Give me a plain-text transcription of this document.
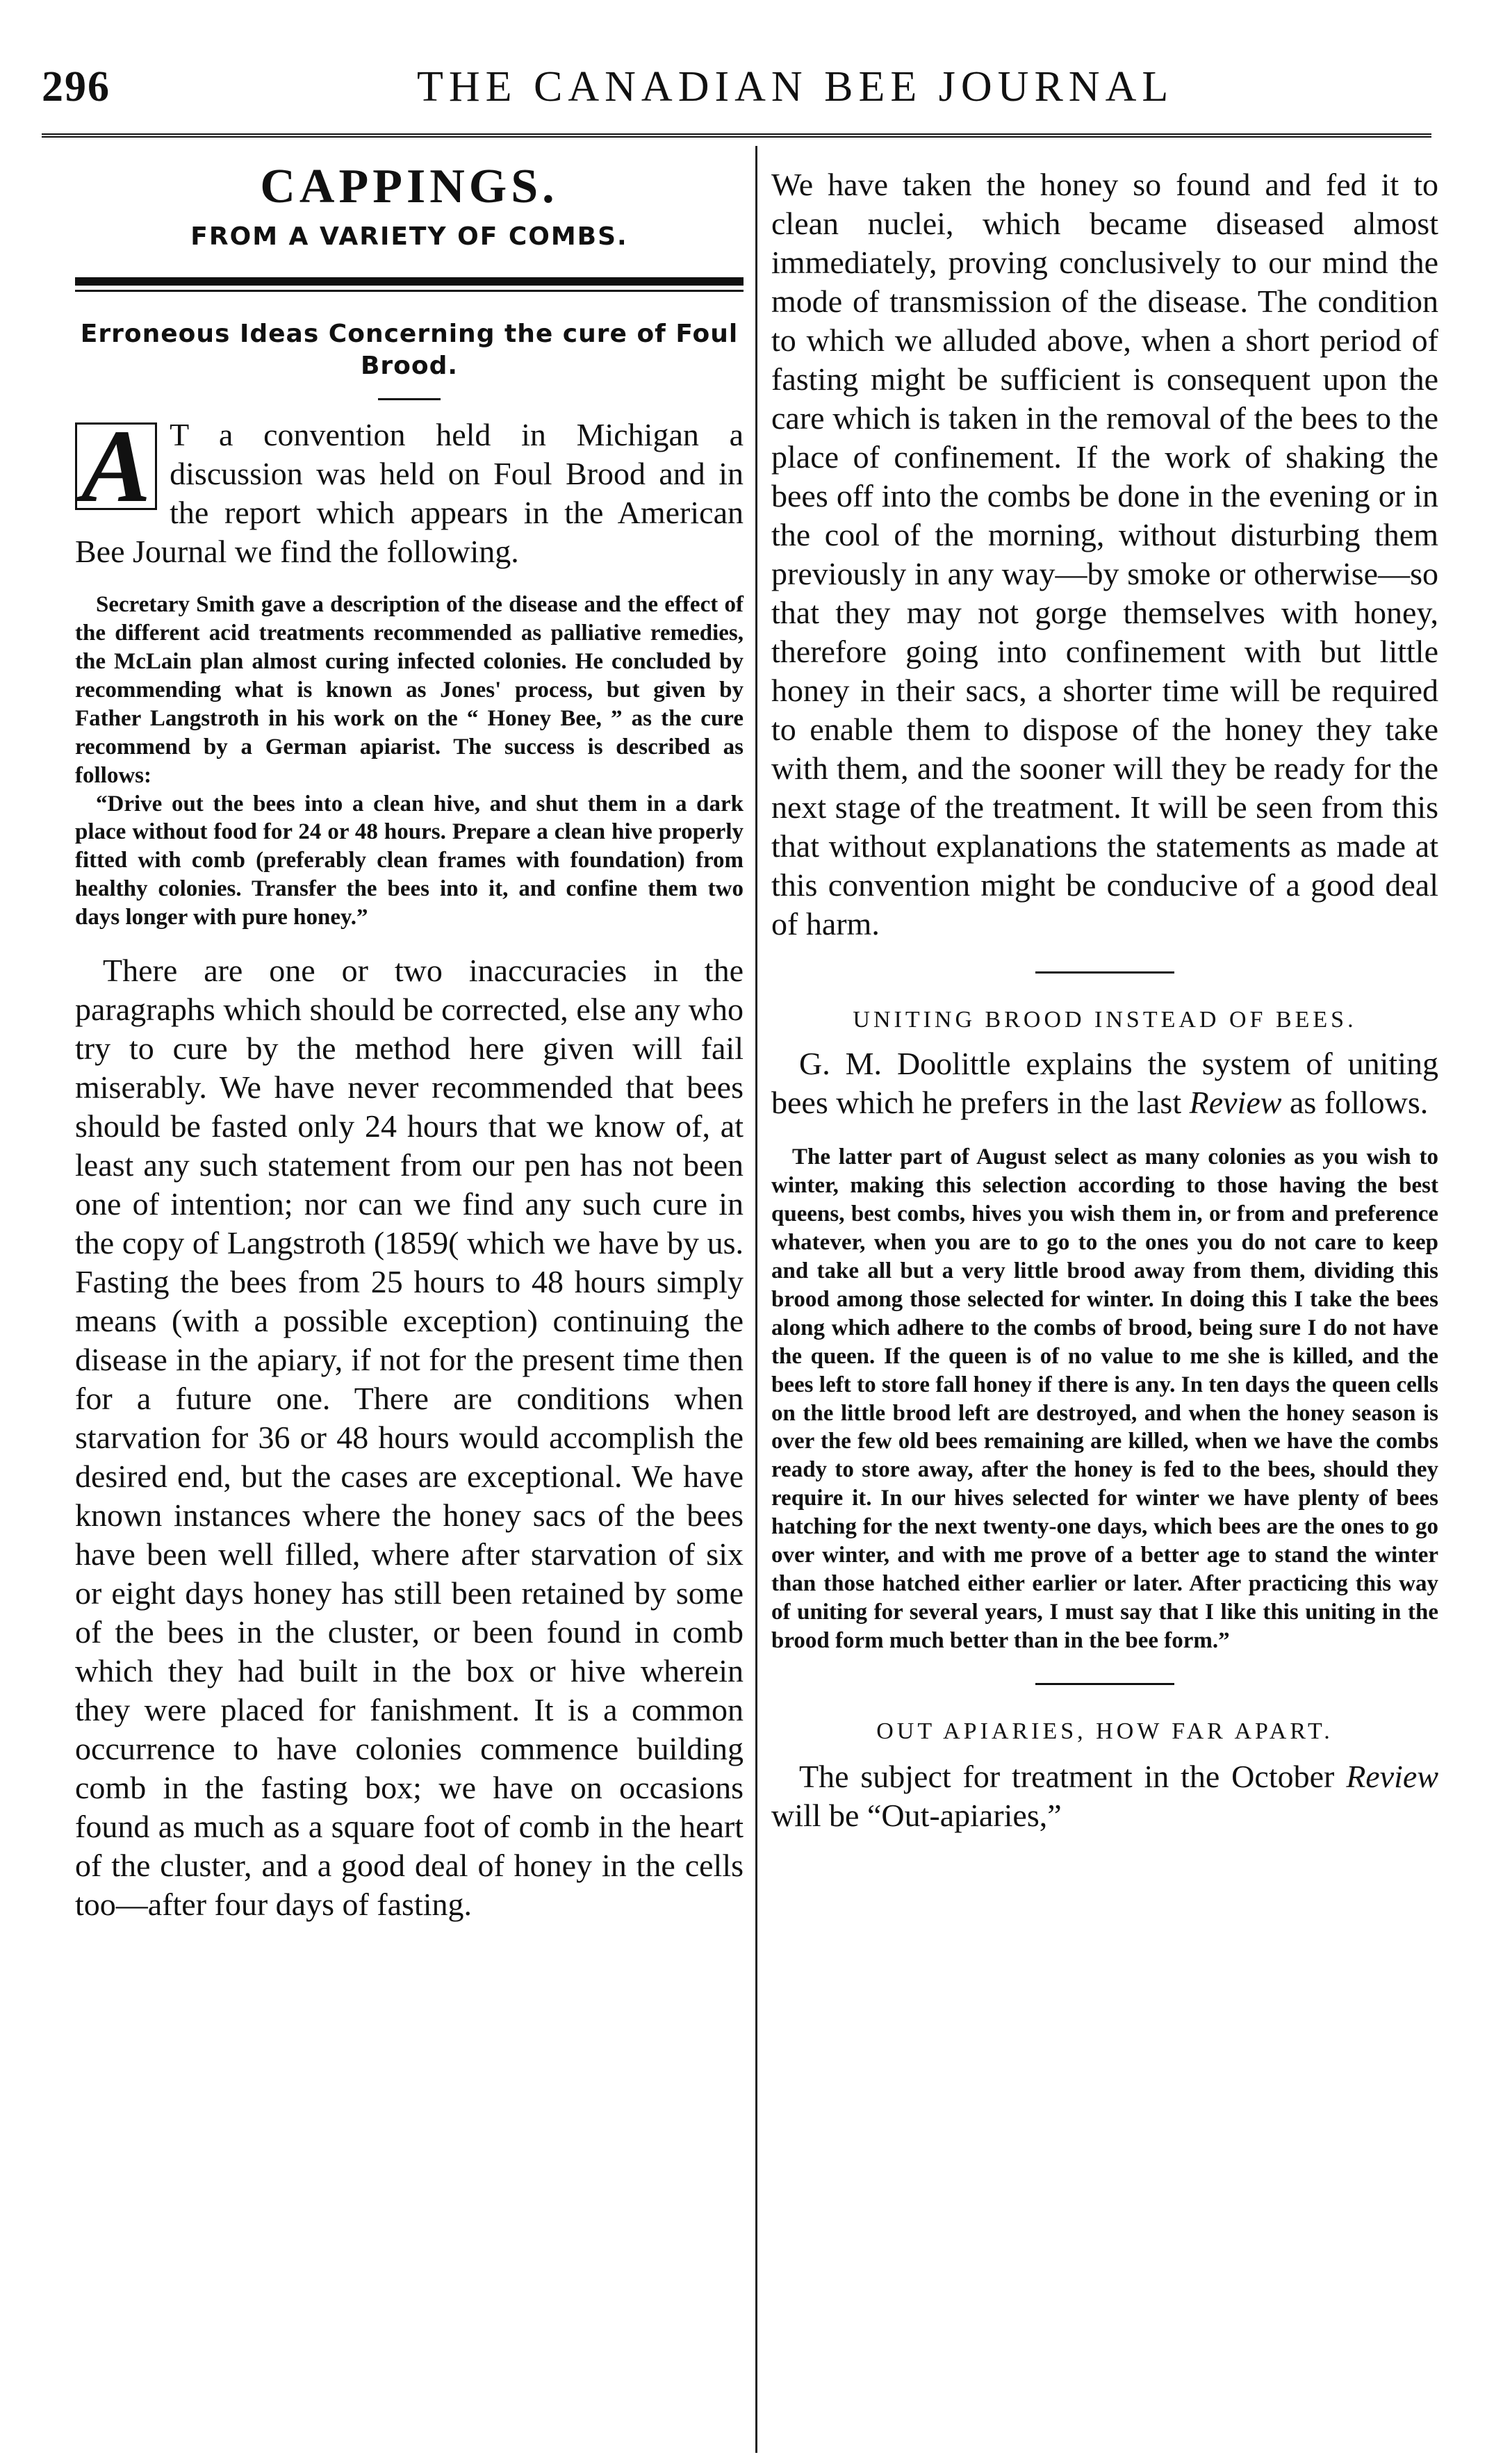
296	THE CANADIAN BEE JOURNAL
CAPPINGS.
FROM A VARIETY OF COMBS.
Erroneous Ideas Concerning the cure of Foul Brood.

A T a convention held in Michigan a discussion was held on Foul Brood and in the report which appears in the American Bee Journal we find the following.

Secretary Smith gave a description of the disease and the effect of the different acid treatments recommended as palliative remedies, the McLain plan almost curing infected colonies. He concluded by recommending what is known as Jones' process, but given by Father Langstroth in his work on the “ Honey Bee, ” as the cure recommend by a German apiarist. The success is described as follows:

“Drive out the bees into a clean hive, and shut them in a dark place without food for 24 or 48 hours. Prepare a clean hive properly fitted with comb (preferably clean frames with foundation) from healthy colonies. Transfer the bees into it, and confine them two days longer with pure honey.”

There are one or two inaccuracies in the paragraphs which should be corrected, else any who try to cure by the method here given will fail miserably. We have never recommended that bees should be fasted only 24 hours that we know of, at least any such statement from our pen has not been one of intention; nor can we find any such cure in the copy of Langstroth (1859( which we have by us. Fasting the bees from 25 hours to 48 hours simply means (with a possible exception) continuing the disease in the apiary, if not for the present time then for a future one. There are conditions when starvation for 36 or 48 hours would accomplish the desired end, but the cases are exceptional. We have known instances where the honey sacs of the bees have been well filled, where after starvation of six or eight days honey has still been retained by some of the bees in the cluster, or been found in comb which they had built in the box or hive wherein they were placed for fanishment. It is a common occurrence to have colonies commence building comb in the fasting box; we have on occasions found as much as a square foot of comb in the heart of the cluster, and a good deal of honey in the cells too—after four days of fasting.

We have taken the honey so found and fed it to clean nuclei, which became diseased almost immediately, proving conclusively to our mind the mode of transmission of the disease. The condition to which we alluded above, when a short period of fasting might be sufficient is consequent upon the care which is taken in the removal of the bees to the place of confinement. If the work of shaking the bees off into the combs be done in the evening or in the cool of the morning, without disturbing them previously in any way—by smoke or otherwise—so that they may not gorge themselves with honey, therefore going into confinement with but little honey in their sacs, a shorter time will be required to enable them to dispose of the honey they take with them, and the sooner will they be ready for the next stage of the treatment. It will be seen from this that without explanations the statements as made at this convention might be conducive of a good deal of harm.

UNITING BROOD INSTEAD OF BEES.

G. M. Doolittle explains the system of uniting bees which he prefers in the last Review as follows.

The latter part of August select as many colonies as you wish to winter, making this selection according to those having the best queens, best combs, hives you wish them in, or from and preference whatever, when you are to go to the ones you do not care to keep and take all but a very little brood away from them, dividing this brood among those selected for winter. In doing this I take the bees along which adhere to the combs of brood, being sure I do not have the queen. If the queen is of no value to me she is killed, and the bees left to store fall honey if there is any. In ten days the queen cells on the little brood left are destroyed, and when the honey season is over the few old bees remaining are killed, when we have the combs ready to store away, after the honey is fed to the bees, should they require it. In our hives selected for winter we have plenty of bees hatching for the next twenty-one days, which bees are the ones to go over winter, and with me prove of a better age to stand the winter than those hatched either earlier or later. After practicing this way of uniting for several years, I must say that I like this uniting in the brood form much better than in the bee form.”

OUT APIARIES, HOW FAR APART.

The subject for treatment in the October Review will be “Out-apiaries,”
